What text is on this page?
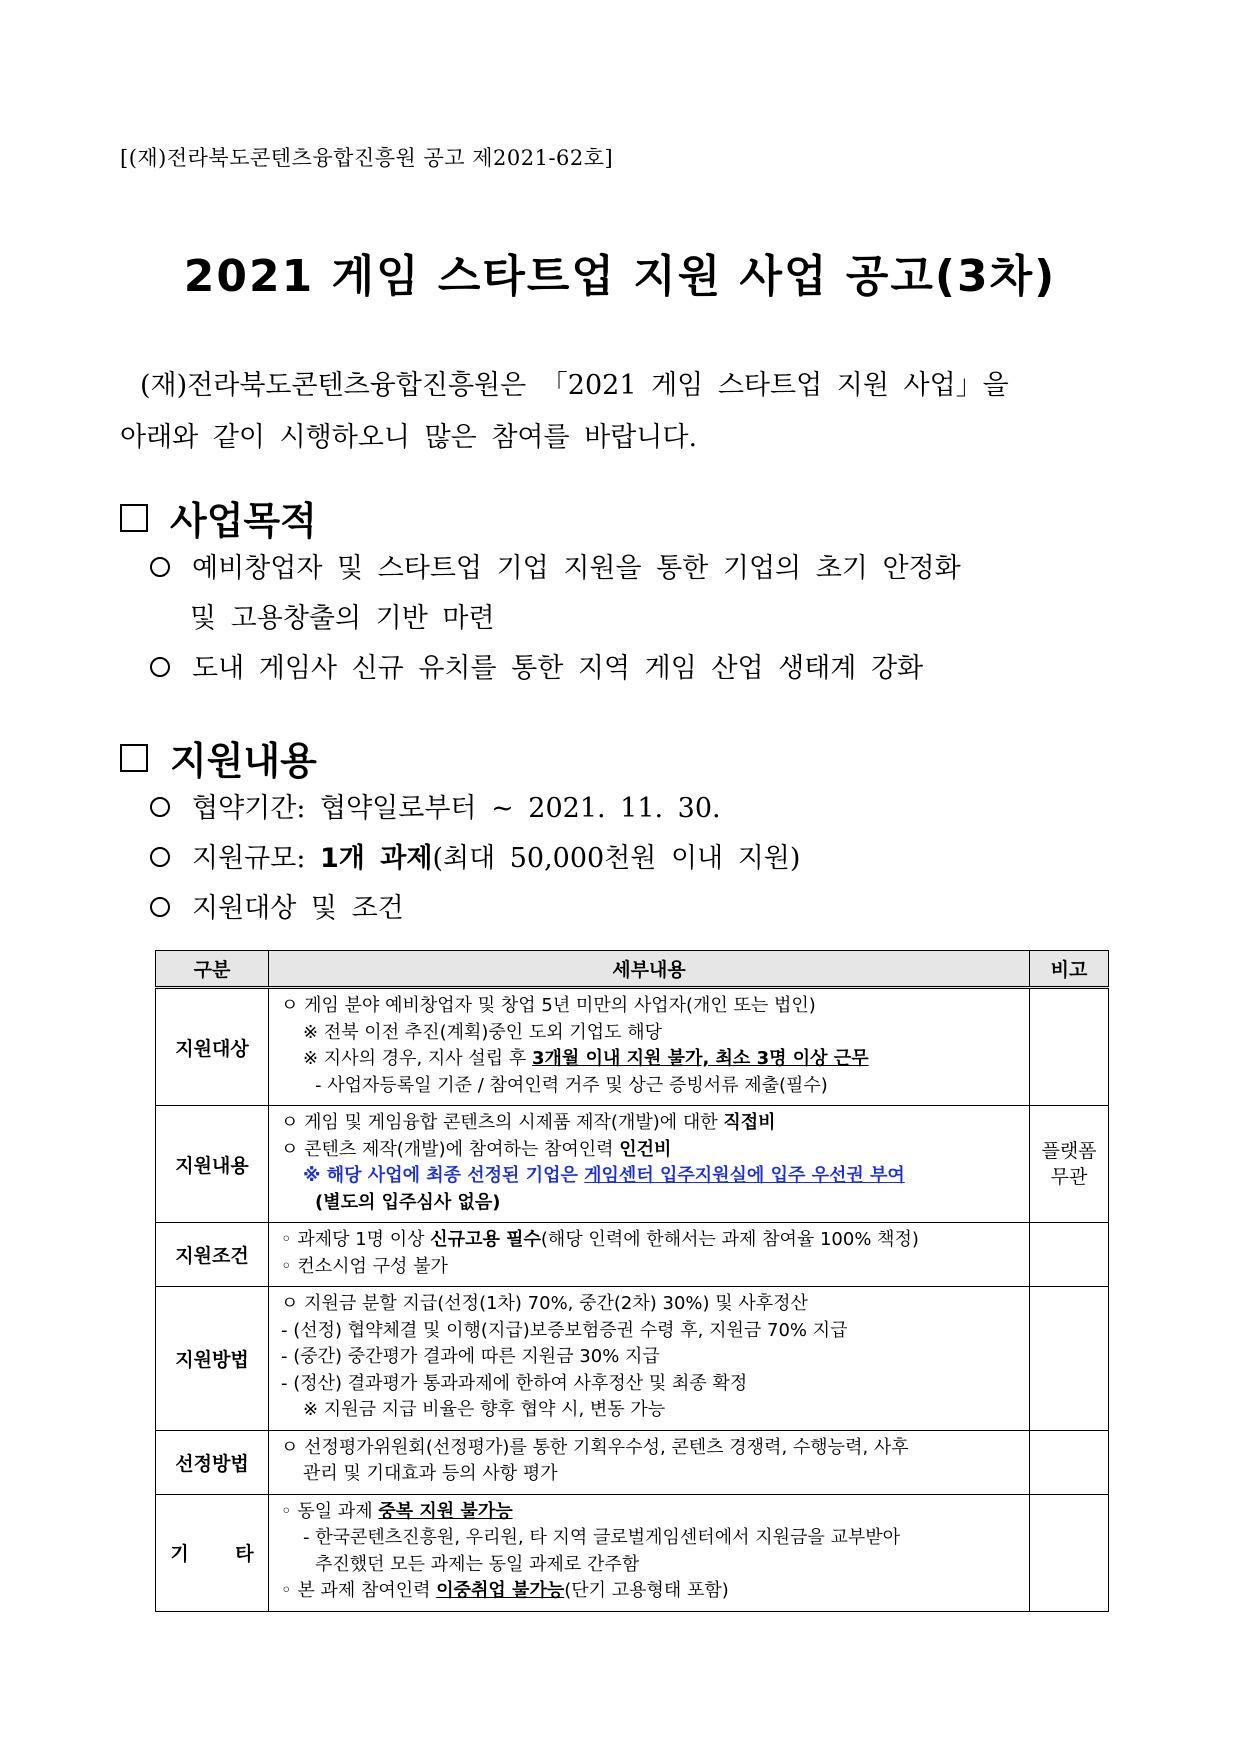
[(재)전라북도콘텐츠융합진흥원 공고 제2021-62호]
2021 게임 스타트업 지원 사업 공고(3차)
(재)전라북도콘텐츠융합진흥원은 「2021 게임 스타트업 지원 사업」을
아래와 같이 시행하오니 많은 참여를 바랍니다.
사업목적
예비창업자 및 스타트업 기업 지원을 통한 기업의 초기 안정화
및 고용창출의 기반 마련
도내 게임사 신규 유치를 통한 지역 게임 산업 생태계 강화
지원내용
협약기간: 협약일로부터 ~ 2021. 11. 30.
지원규모: 1개 과제(최대 50,000천원 이내 지원)
지원대상 및 조건
구분	세부내용	비고
지원대상	ㅇ 게임 분야 예비창업자 및 창업 5년 미만의 사업자(개인 또는 법인)
※ 전북 이전 추진(계획)중인 도외 기업도 해당
※ 지사의 경우, 지사 설립 후 3개월 이내 지원 불가, 최소 3명 이상 근무
- 사업자등록일 기준 / 참여인력 거주 및 상근 증빙서류 제출(필수)	

지원내용	ㅇ 게임 및 게임융합 콘텐츠의 시제품 제작(개발)에 대한 직접비
ㅇ 콘텐츠 제작(개발)에 참여하는 참여인력 인건비
※ 해당 사업에 최종 선정된 기업은 게임센터 입주지원실에 입주 우선권 부여
(별도의 입주심사 없음)	플랫폼
무관

지원조건	◦ 과제당 1명 이상 신규고용 필수(해당 인력에 한해서는 과제 참여율 100% 책정)
◦ 컨소시엄 구성 불가	

지원방법	ㅇ 지원금 분할 지급(선정(1차) 70%, 중간(2차) 30%) 및 사후정산
- (선정) 협약체결 및 이행(지급)보증보험증권 수령 후, 지원금 70% 지급
- (중간) 중간평가 결과에 따른 지원금 30% 지급
- (정산) 결과평가 통과과제에 한하여 사후정산 및 최종 확정
※ 지원금 지급 비율은 향후 협약 시, 변동 가능	

선정방법	ㅇ 선정평가위원회(선정평가)를 통한 기획우수성, 콘텐츠 경쟁력, 수행능력, 사후
관리 및 기대효과 등의 사항 평가	

기 타	◦ 동일 과제 중복 지원 불가능
- 한국콘텐츠진흥원, 우리원, 타 지역 글로벌게임센터에서 지원금을 교부받아
추진했던 모든 과제는 동일 과제로 간주함
◦ 본 과제 참여인력 이중취업 불가능(단기 고용형태 포함)	
